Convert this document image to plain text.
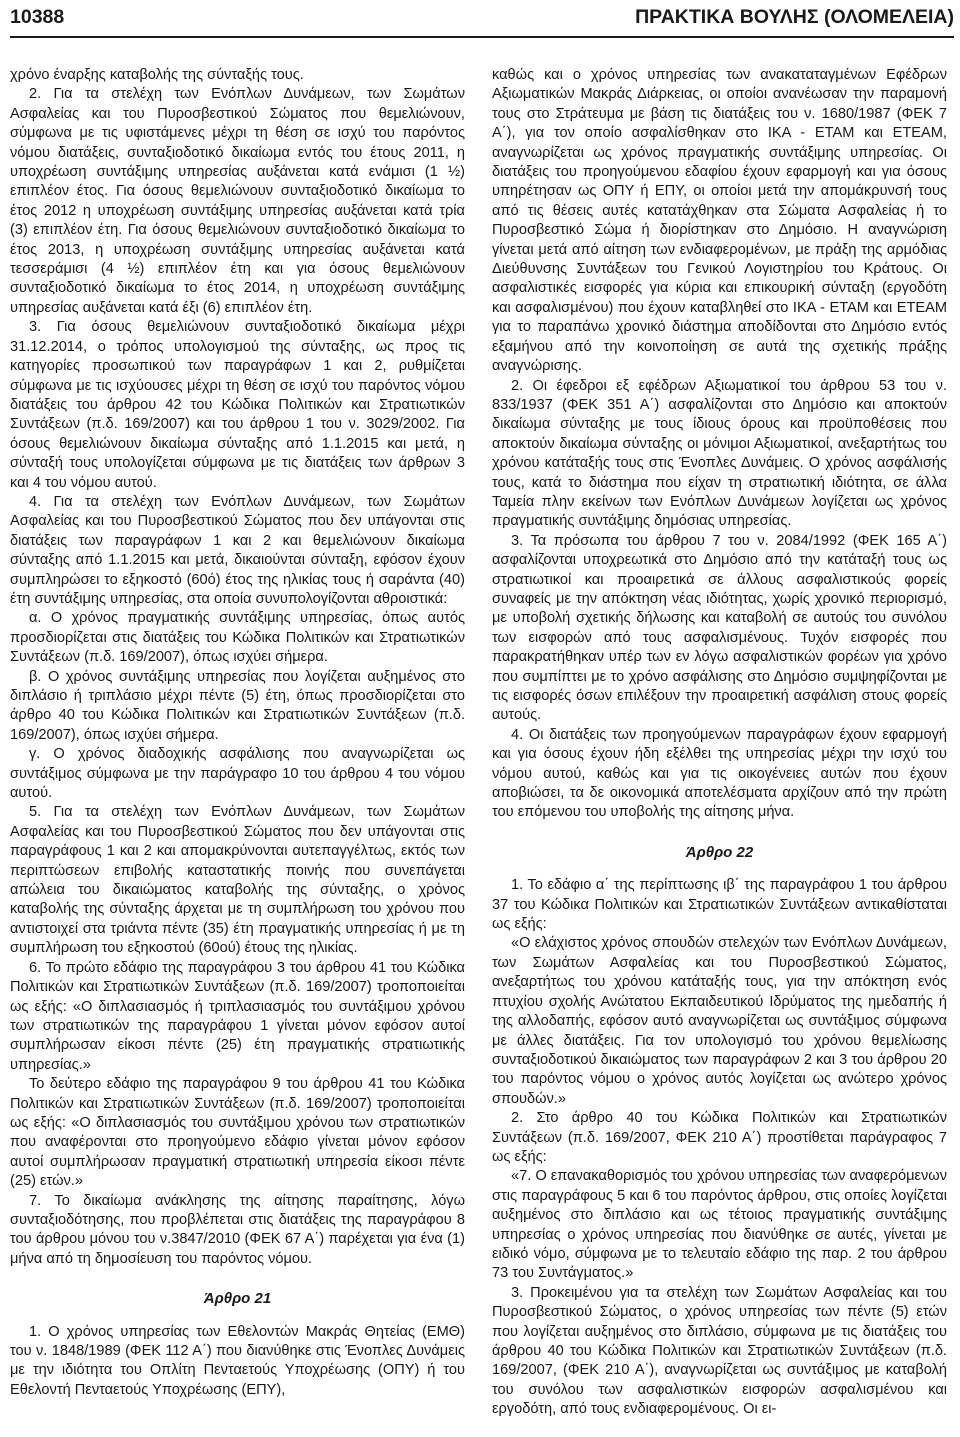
10388	ΠΡΑΚΤΙΚΑ ΒΟΥΛΗΣ (ΟΛΟΜΕΛΕΙΑ)

χρόνο έναρξης καταβολής της σύνταξής τους.

2. Για τα στελέχη των Ενόπλων Δυνάμεων, των Σωμάτων Ασφαλείας και του Πυροσβεστικού Σώματος που θεμελιώνουν, σύμφωνα με τις υφιστάμενες μέχρι τη θέση σε ισχύ του παρόντος νόμου διατάξεις, συνταξιοδοτικό δικαίωμα εντός του έτους 2011, η υποχρέωση συντάξιμης υπηρεσίας αυξάνεται κατά ενάμισι (1 ½) επιπλέον έτος. Για όσους θεμελιώνουν συνταξιοδοτικό δικαίωμα το έτος 2012 η υποχρέωση συντάξιμης υπηρεσίας αυξάνεται κατά τρία (3) επιπλέον έτη. Για όσους θεμελιώνουν συνταξιοδοτικό δικαίωμα το έτος 2013, η υποχρέωση συντάξιμης υπηρεσίας αυξάνεται κατά τεσσεράμισι (4 ½) επιπλέον έτη και για όσους θεμελιώνουν συνταξιοδοτικό δικαίωμα το έτος 2014, η υποχρέωση συντάξιμης υπηρεσίας αυξάνεται κατά έξι (6) επιπλέον έτη.

3. Για όσους θεμελιώνουν συνταξιοδοτικό δικαίωμα μέχρι 31.12.2014, ο τρόπος υπολογισμού της σύνταξης, ως προς τις κατηγορίες προσωπικού των παραγράφων 1 και 2, ρυθμίζεται σύμφωνα με τις ισχύουσες μέχρι τη θέση σε ισχύ του παρόντος νόμου διατάξεις του άρθρου 42 του Κώδικα Πολιτικών και Στρατιωτικών Συντάξεων (π.δ. 169/2007) και του άρθρου 1 του ν. 3029/2002. Για όσους θεμελιώνουν δικαίωμα σύνταξης από 1.1.2015 και μετά, η σύνταξή τους υπολογίζεται σύμφωνα με τις διατάξεις των άρθρων 3 και 4 του νόμου αυτού.

4. Για τα στελέχη των Ενόπλων Δυνάμεων, των Σωμάτων Ασφαλείας και του Πυροσβεστικού Σώματος που δεν υπάγονται στις διατάξεις των παραγράφων 1 και 2 και θεμελιώνουν δικαίωμα σύνταξης από 1.1.2015 και μετά, δικαιούνται σύνταξη, εφόσον έχουν συμπληρώσει το εξηκοστό (60ό) έτος της ηλικίας τους ή σαράντα (40) έτη συντάξιμης υπηρεσίας, στα οποία συνυπολογίζονται αθροιστικά:

α. Ο χρόνος πραγματικής συντάξιμης υπηρεσίας, όπως αυτός προσδιορίζεται στις διατάξεις του Κώδικα Πολιτικών και Στρατιωτικών Συντάξεων (π.δ. 169/2007), όπως ισχύει σήμερα.

β. Ο χρόνος συντάξιμης υπηρεσίας που λογίζεται αυξημένος στο διπλάσιο ή τριπλάσιο μέχρι πέντε (5) έτη, όπως προσδιορίζεται στο άρθρο 40 του Κώδικα Πολιτικών και Στρατιωτικών Συντάξεων (π.δ. 169/2007), όπως ισχύει σήμερα.

γ. Ο χρόνος διαδοχικής ασφάλισης που αναγνωρίζεται ως συντάξιμος σύμφωνα με την παράγραφο 10 του άρθρου 4 του νόμου αυτού.

5. Για τα στελέχη των Ενόπλων Δυνάμεων, των Σωμάτων Ασφαλείας και του Πυροσβεστικού Σώματος που δεν υπάγονται στις παραγράφους 1 και 2 και απομακρύνονται αυτεπαγγέλτως, εκτός των περιπτώσεων επιβολής καταστατικής ποινής που συνεπάγεται απώλεια του δικαιώματος καταβολής της σύνταξης, ο χρόνος καταβολής της σύνταξης άρχεται με τη συμπλήρωση του χρόνου που αντιστοιχεί στα τριάντα πέντε (35) έτη πραγματικής υπηρεσίας ή με τη συμπλήρωση του εξηκοστού (60ού) έτους της ηλικίας.

6. Το πρώτο εδάφιο της παραγράφου 3 του άρθρου 41 του Κώδικα Πολιτικών και Στρατιωτικών Συντάξεων (π.δ. 169/2007) τροποποιείται ως εξής: «Ο διπλασιασμός ή τριπλασιασμός του συντάξιμου χρόνου των στρατιωτικών της παραγράφου 1 γίνεται μόνον εφόσον αυτοί συμπλήρωσαν είκοσι πέντε (25) έτη πραγματικής στρατιωτικής υπηρεσίας.»

Το δεύτερο εδάφιο της παραγράφου 9 του άρθρου 41 του Κώδικα Πολιτικών και Στρατιωτικών Συντάξεων (π.δ. 169/2007) τροποποιείται ως εξής: «Ο διπλασιασμός του συντάξιμου χρόνου των στρατιωτικών που αναφέρονται στο προηγούμενο εδάφιο γίνεται μόνον εφόσον αυτοί συμπλήρωσαν πραγματική στρατιωτική υπηρεσία είκοσι πέντε (25) ετών.»

7. Το δικαίωμα ανάκλησης της αίτησης παραίτησης, λόγω συνταξιοδότησης, που προβλέπεται στις διατάξεις της παραγράφου 8 του άρθρου μόνου του ν.3847/2010 (ΦΕΚ 67 Α΄) παρέχεται για ένα (1) μήνα από τη δημοσίευση του παρόντος νόμου.

Άρθρο 21

1. Ο χρόνος υπηρεσίας των Εθελοντών Μακράς Θητείας (ΕΜΘ) του ν. 1848/1989 (ΦΕΚ 112 Α΄) που διανύθηκε στις Ένοπλες Δυνάμεις με την ιδιότητα του Οπλίτη Πενταετούς Υποχρέωσης (ΟΠΥ) ή του Εθελοντή Πενταετούς Υποχρέωσης (ΕΠΥ),

καθώς και ο χρόνος υπηρεσίας των ανακαταταγμένων Εφέδρων Αξιωματικών Μακράς Διάρκειας, οι οποίοι ανανέωσαν την παραμονή τους στο Στράτευμα με βάση τις διατάξεις του ν. 1680/1987 (ΦΕΚ 7 Α΄), για τον οποίο ασφαλίσθηκαν στο ΙΚΑ - ΕΤΑΜ και ΕΤΕΑΜ, αναγνωρίζεται ως χρόνος πραγματικής συντάξιμης υπηρεσίας. Οι διατάξεις του προηγούμενου εδαφίου έχουν εφαρμογή και για όσους υπηρέτησαν ως ΟΠΥ ή ΕΠΥ, οι οποίοι μετά την απομάκρυνσή τους από τις θέσεις αυτές κατατάχθηκαν στα Σώματα Ασφαλείας ή το Πυροσβεστικό Σώμα ή διορίστηκαν στο Δημόσιο. Η αναγνώριση γίνεται μετά από αίτηση των ενδιαφερομένων, με πράξη της αρμόδιας Διεύθυνσης Συντάξεων του Γενικού Λογιστηρίου του Κράτους. Οι ασφαλιστικές εισφορές για κύρια και επικουρική σύνταξη (εργοδότη και ασφαλισμένου) που έχουν καταβληθεί στο ΙΚΑ - ΕΤΑΜ και ΕΤΕΑΜ για το παραπάνω χρονικό διάστημα αποδίδονται στο Δημόσιο εντός εξαμήνου από την κοινοποίηση σε αυτά της σχετικής πράξης αναγνώρισης.

2. Οι έφεδροι εξ εφέδρων Αξιωματικοί του άρθρου 53 του ν. 833/1937 (ΦΕΚ 351 Α΄) ασφαλίζονται στο Δημόσιο και αποκτούν δικαίωμα σύνταξης με τους ίδιους όρους και προϋποθέσεις που αποκτούν δικαίωμα σύνταξης οι μόνιμοι Αξιωματικοί, ανεξαρτήτως του χρόνου κατάταξής τους στις Ένοπλες Δυνάμεις. Ο χρόνος ασφάλισής τους, κατά το διάστημα που είχαν τη στρατιωτική ιδιότητα, σε άλλα Ταμεία πλην εκείνων των Ενόπλων Δυνάμεων λογίζεται ως χρόνος πραγματικής συντάξιμης δημόσιας υπηρεσίας.

3. Τα πρόσωπα του άρθρου 7 του ν. 2084/1992 (ΦΕΚ 165 Α΄) ασφαλίζονται υποχρεωτικά στο Δημόσιο από την κατάταξή τους ως στρατιωτικοί και προαιρετικά σε άλλους ασφαλιστικούς φορείς συναφείς με την απόκτηση νέας ιδιότητας, χωρίς χρονικό περιορισμό, με υποβολή σχετικής δήλωσης και καταβολή σε αυτούς του συνόλου των εισφορών από τους ασφαλισμένους. Τυχόν εισφορές που παρακρατήθηκαν υπέρ των εν λόγω ασφαλιστικών φορέων για χρόνο που συμπίπτει με το χρόνο ασφάλισης στο Δημόσιο συμψηφίζονται με τις εισφορές όσων επιλέξουν την προαιρετική ασφάλιση στους φορείς αυτούς.

4. Οι διατάξεις των προηγούμενων παραγράφων έχουν εφαρμογή και για όσους έχουν ήδη εξέλθει της υπηρεσίας μέχρι την ισχύ του νόμου αυτού, καθώς και για τις οικογένειες αυτών που έχουν αποβιώσει, τα δε οικονομικά αποτελέσματα αρχίζουν από την πρώτη του επόμενου του υποβολής της αίτησης μήνα.

Άρθρο 22

1. Το εδάφιο α΄ της περίπτωσης ιβ΄ της παραγράφου 1 του άρθρου 37 του Κώδικα Πολιτικών και Στρατιωτικών Συντάξεων αντικαθίσταται ως εξής:

«Ο ελάχιστος χρόνος σπουδών στελεχών των Ενόπλων Δυνάμεων, των Σωμάτων Ασφαλείας και του Πυροσβεστικού Σώματος, ανεξαρτήτως του χρόνου κατάταξής τους, για την απόκτηση ενός πτυχίου σχολής Ανώτατου Εκπαιδευτικού Ιδρύματος της ημεδαπής ή της αλλοδαπής, εφόσον αυτό αναγνωρίζεται ως συντάξιμος σύμφωνα με άλλες διατάξεις. Για τον υπολογισμό του χρόνου θεμελίωσης συνταξιοδοτικού δικαιώματος των παραγράφων 2 και 3 του άρθρου 20 του παρόντος νόμου ο χρόνος αυτός λογίζεται ως ανώτερο χρόνος σπουδών.»

2. Στο άρθρο 40 του Κώδικα Πολιτικών και Στρατιωτικών Συντάξεων (π.δ. 169/2007, ΦΕΚ 210 Α΄) προστίθεται παράγραφος 7 ως εξής:

«7. Ο επανακαθορισμός του χρόνου υπηρεσίας των αναφερόμενων στις παραγράφους 5 και 6 του παρόντος άρθρου, στις οποίες λογίζεται αυξημένος στο διπλάσιο και ως τέτοιος πραγματικής συντάξιμης υπηρεσίας ο χρόνος υπηρεσίας που διανύθηκε σε αυτές, γίνεται με ειδικό νόμο, σύμφωνα με το τελευταίο εδάφιο της παρ. 2 του άρθρου 73 του Συντάγματος.»

3. Προκειμένου για τα στελέχη των Σωμάτων Ασφαλείας και του Πυροσβεστικού Σώματος, ο χρόνος υπηρεσίας των πέντε (5) ετών που λογίζεται αυξημένος στο διπλάσιο, σύμφωνα με τις διατάξεις του άρθρου 40 του Κώδικα Πολιτικών και Στρατιωτικών Συντάξεων (π.δ. 169/2007, (ΦΕΚ 210 Α΄), αναγνωρίζεται ως συντάξιμος με καταβολή του συνόλου των ασφαλιστικών εισφορών ασφαλισμένου και εργοδότη, από τους ενδιαφερομένους. Οι ει-
